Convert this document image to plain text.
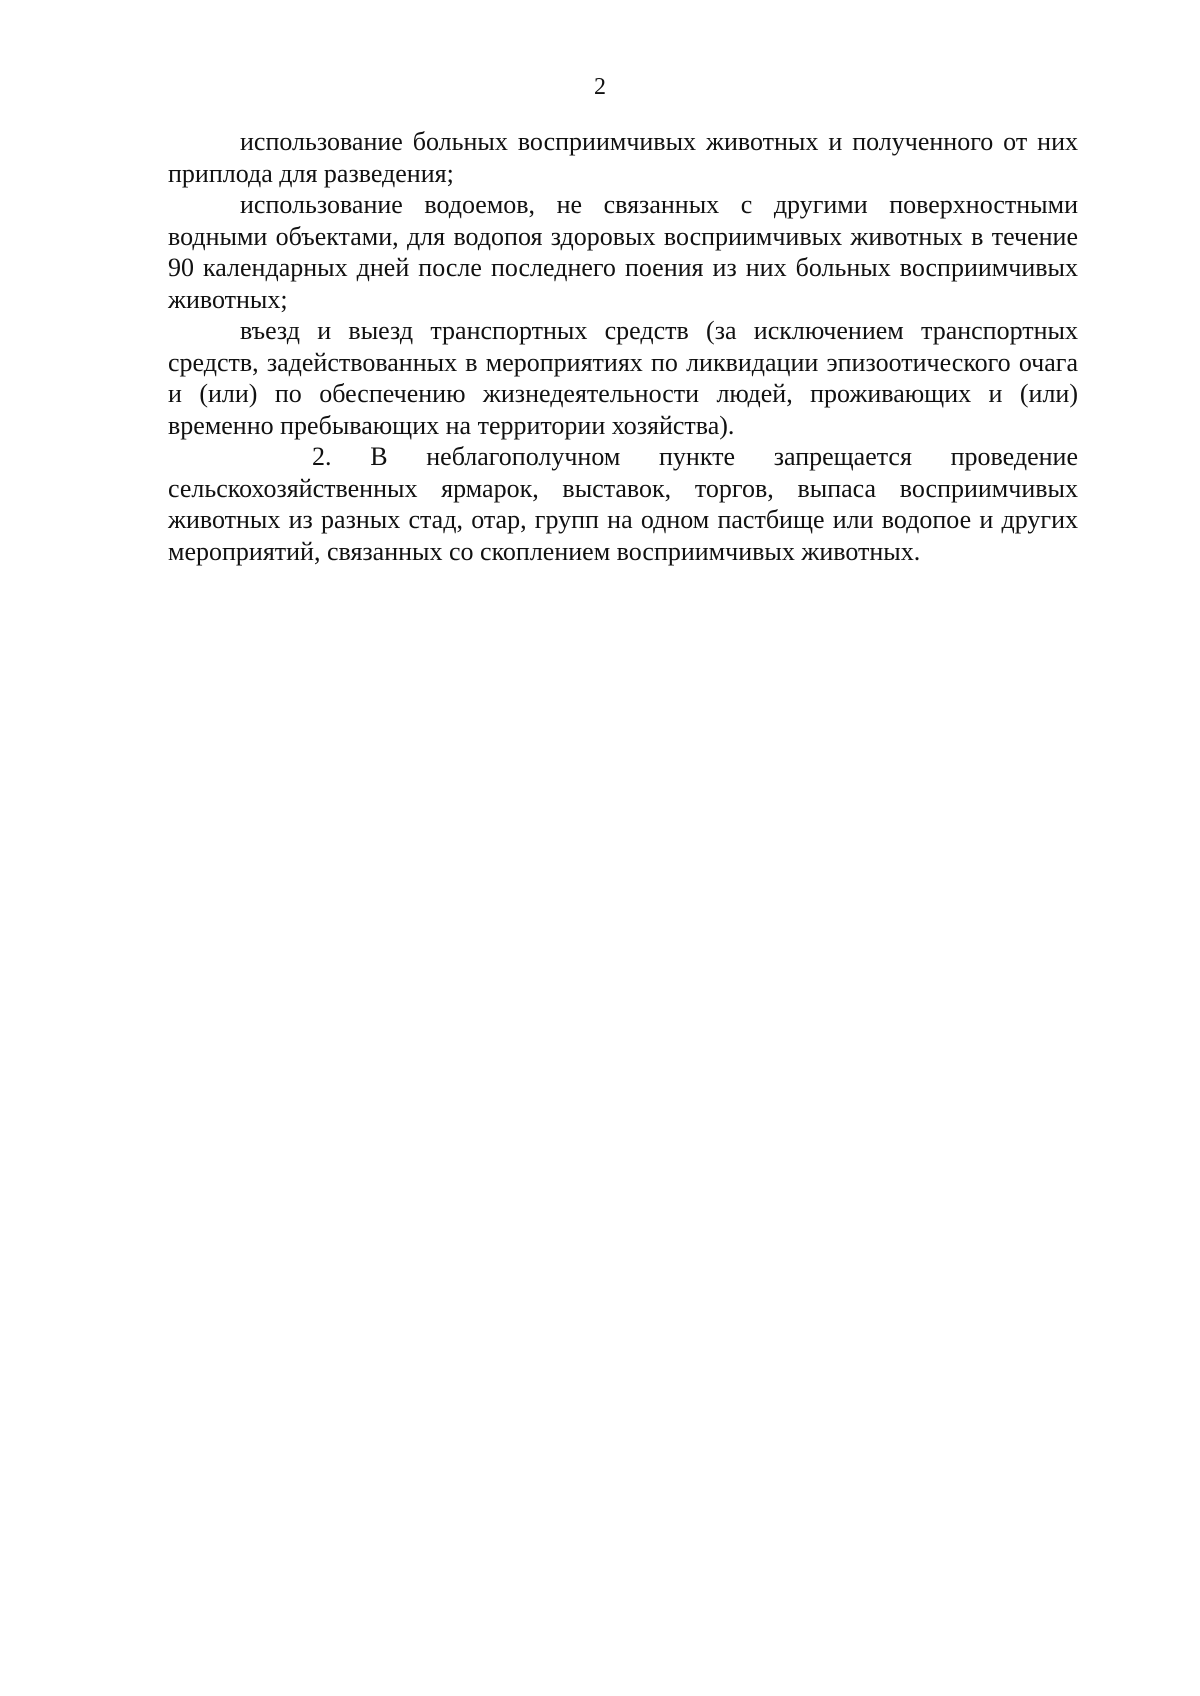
2

использование больных восприимчивых животных и полученного от них приплода для разведения;

использование водоемов, не связанных с другими поверхностными водными объектами, для водопоя здоровых восприимчивых животных в течение 90 календарных дней после последнего поения из них больных восприимчивых животных;

въезд и выезд транспортных средств (за исключением транспортных средств, задействованных в мероприятиях по ликвидации эпизоотического очага и (или) по обеспечению жизнедеятельности людей, проживающих и (или) временно пребывающих на территории хозяйства).

2. В неблагополучном пункте запрещается проведение сельскохозяйственных ярмарок, выставок, торгов, выпаса восприимчивых животных из разных стад, отар, групп на одном пастбище или водопое и других мероприятий, связанных со скоплением восприимчивых животных.
